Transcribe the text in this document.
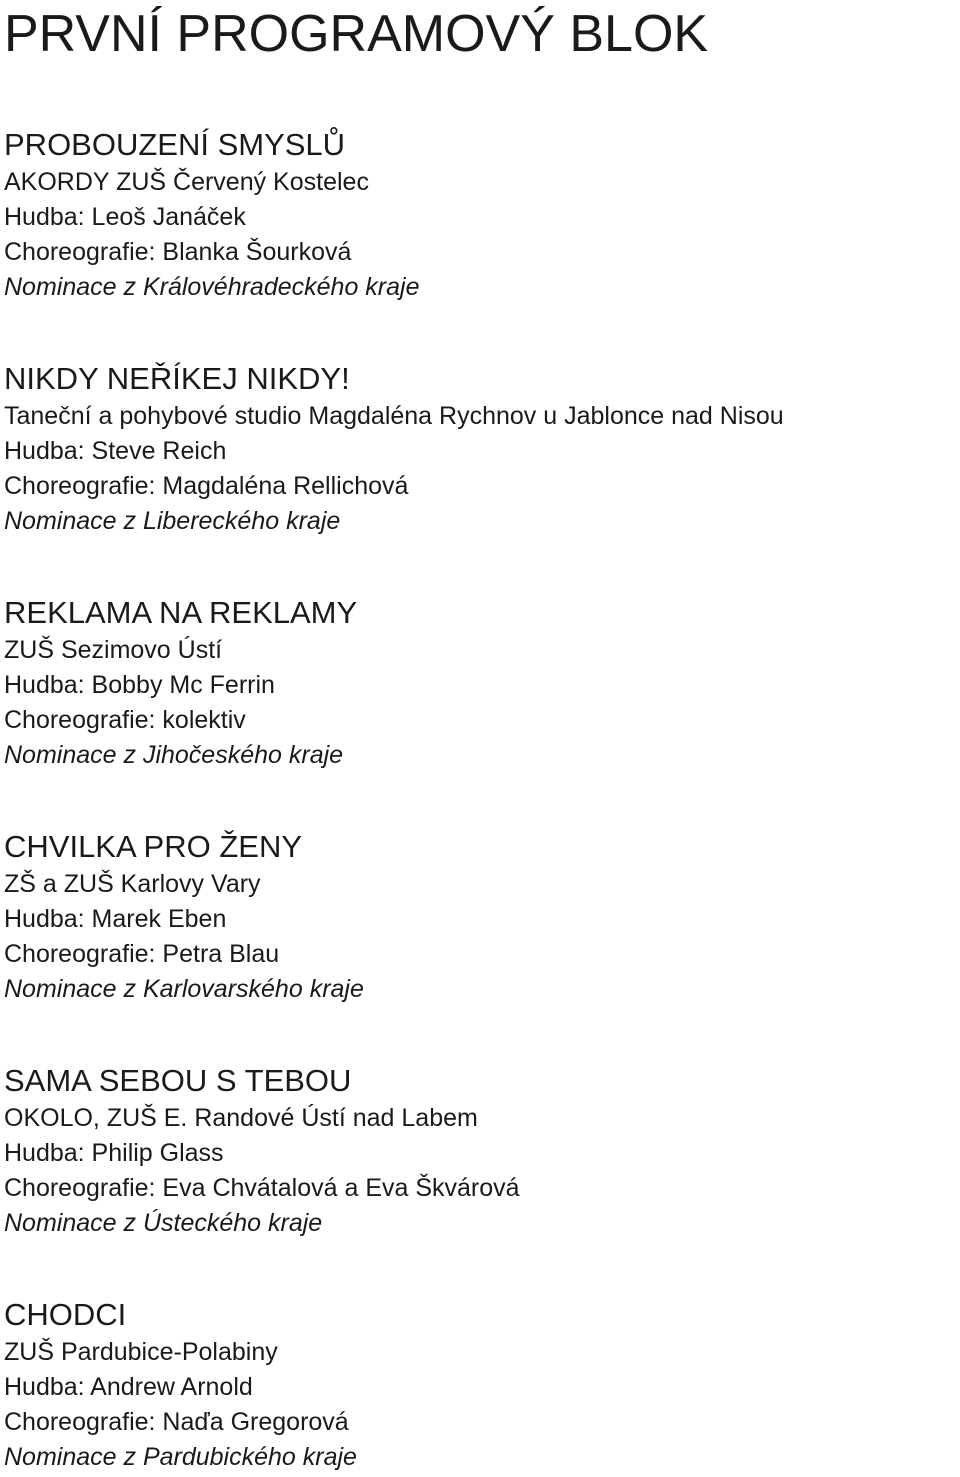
PRVNÍ PROGRAMOVÝ BLOK
PROBOUZENÍ SMYSLŮ

AKORDY ZUŠ Červený Kostelec

Hudba: Leoš Janáček

Choreografie: Blanka Šourková

Nominace z Královéhradeckého kraje

NIKDY NEŘÍKEJ NIKDY!

Taneční a pohybové studio Magdaléna Rychnov u Jablonce nad Nisou

Hudba: Steve Reich

Choreografie: Magdaléna Rellichová

Nominace z Libereckého kraje

REKLAMA NA REKLAMY

ZUŠ Sezimovo Ústí

Hudba: Bobby Mc Ferrin

Choreografie: kolektiv

Nominace z Jihočeského kraje

CHVILKA PRO ŽENY

ZŠ a ZUŠ Karlovy Vary

Hudba: Marek Eben

Choreografie: Petra Blau

Nominace z Karlovarského kraje

SAMA SEBOU S TEBOU

OKOLO, ZUŠ E. Randové Ústí nad Labem

Hudba: Philip Glass

Choreografie: Eva Chvátalová a Eva Škvárová

Nominace z Ústeckého kraje

CHODCI

ZUŠ Pardubice-Polabiny

Hudba: Andrew Arnold

Choreografie: Naďa Gregorová

Nominace z Pardubického kraje
